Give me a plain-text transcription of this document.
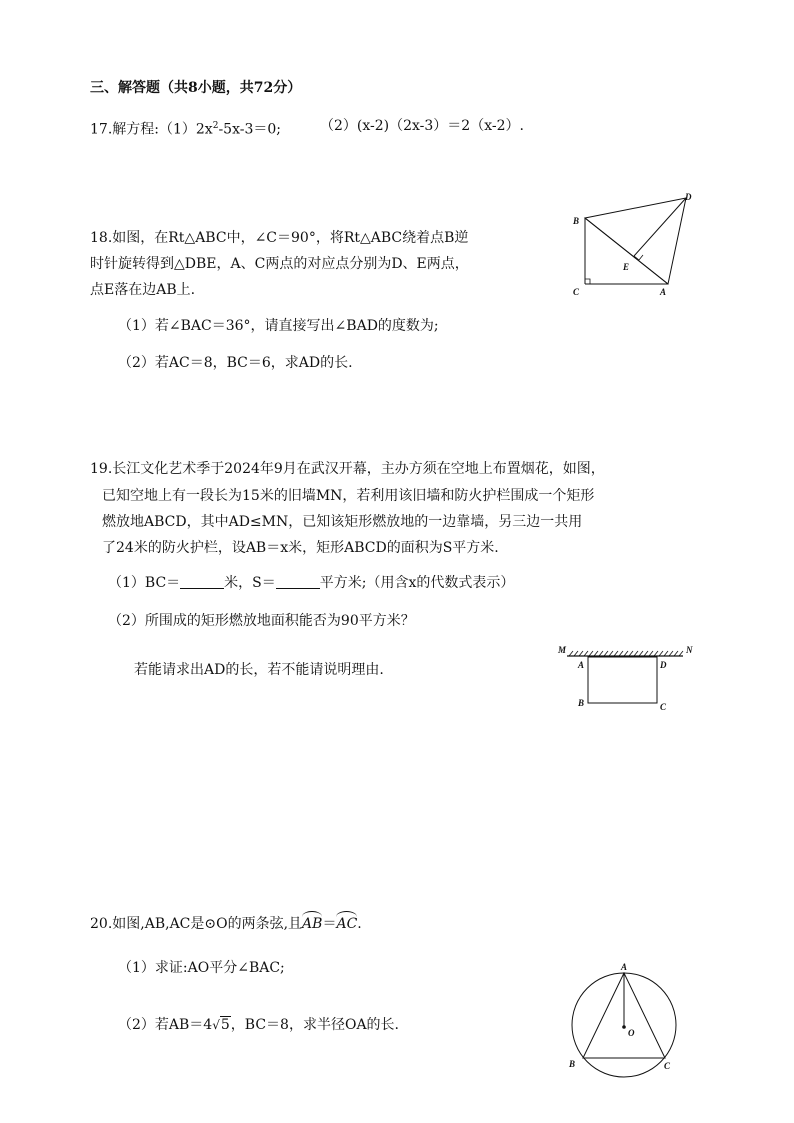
三、解答题（共8小题，共72分）
17.解方程$:(1)2x^2-5x-3=0$;	（2）(x-2)（2x-3）＝2（x-2）.
18.如图，在Rt△ABC中，∠C＝90°，将Rt△ABC绕着点B逆
时针旋转得到△DBE，A、C两点的对应点分别为D、E两点，
点E落在边AB上.
（1）若∠BAC＝36°，请直接写出∠BAD的度数为;
（2）若AC＝8，BC＝6，求AD的长.
B
D
E
C	A
19.长江文化艺术季于2024年9月在武汉开幕，主办方须在空地上布置烟花，如图，
已知空地上有一段长为15米的旧墙MN，若利用该旧墙和防火护栏围成一个矩形
燃放地ABCD，其中AD≤MN，已知该矩形燃放地的一边靠墙，另三边一共用
了24米的防火护栏，设AB＝x米，矩形ABCD的面积为S平方米.
（1）BC＝	米，S＝	平方米;（用含x的代数式表示）
（2）所围成的矩形燃放地面积能否为90平方米？
若能请求出AD的长，若不能请说明理由.
M	N
A	D
B	C
20.如图,AB,AC是⊙O的两条弦,且AB＝AC.
（1）求证:AO平分∠BAC;
（2）若AB＝4√5，BC＝8，求半径OA的长.
A
O
B	C
